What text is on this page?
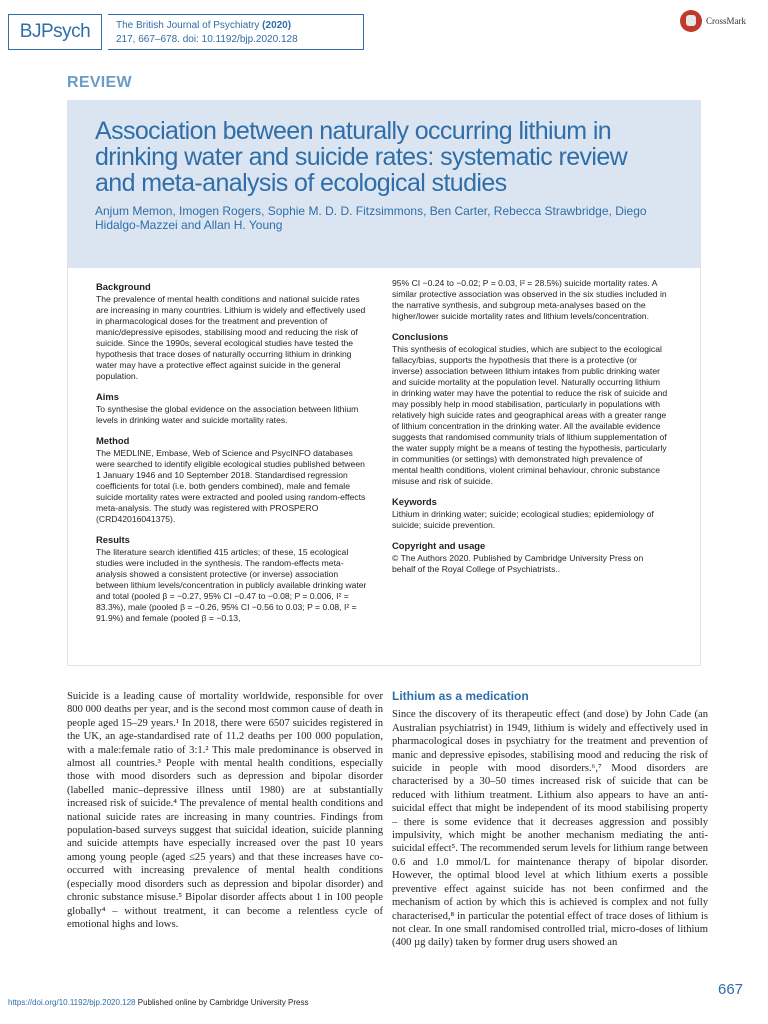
BJPsych	The British Journal of Psychiatry (2020)
217, 667–678. doi: 10.1192/bjp.2020.128
CrossMark
REVIEW
Association between naturally occurring lithium in drinking water and suicide rates: systematic review and meta-analysis of ecological studies
Anjum Memon, Imogen Rogers, Sophie M. D. D. Fitzsimmons, Ben Carter, Rebecca Strawbridge, Diego Hidalgo-Mazzei and Allan H. Young
Background
The prevalence of mental health conditions and national suicide rates are increasing in many countries. Lithium is widely and effectively used in pharmacological doses for the treatment and prevention of manic/depressive episodes, stabilising mood and reducing the risk of suicide. Since the 1990s, several ecological studies have tested the hypothesis that trace doses of naturally occurring lithium in drinking water may have a protective effect against suicide in the general population.
Aims
To synthesise the global evidence on the association between lithium levels in drinking water and suicide mortality rates.
Method
The MEDLINE, Embase, Web of Science and PsycINFO databases were searched to identify eligible ecological studies published between 1 January 1946 and 10 September 2018. Standardised regression coefficients for total (i.e. both genders combined), male and female suicide mortality rates were extracted and pooled using random-effects meta-analysis. The study was registered with PROSPERO (CRD42016041375).
Results
The literature search identified 415 articles; of these, 15 ecological studies were included in the synthesis. The random-effects meta-analysis showed a consistent protective (or inverse) association between lithium levels/concentration in publicly available drinking water and total (pooled β = −0.27, 95% CI −0.47 to −0.08; P = 0.006, I² = 83.3%), male (pooled β = −0.26, 95% CI −0.56 to 0.03; P = 0.08, I² = 91.9%) and female (pooled β = −0.13,
95% CI −0.24 to −0.02; P = 0.03, I² = 28.5%) suicide mortality rates. A similar protective association was observed in the six studies included in the narrative synthesis, and subgroup meta-analyses based on the higher/lower suicide mortality rates and lithium levels/concentration.
Conclusions
This synthesis of ecological studies, which are subject to the ecological fallacy/bias, supports the hypothesis that there is a protective (or inverse) association between lithium intakes from public drinking water and suicide mortality at the population level. Naturally occurring lithium in drinking water may have the potential to reduce the risk of suicide and may possibly help in mood stabilisation, particularly in populations with relatively high suicide rates and geographical areas with a greater range of lithium concentration in the drinking water. All the available evidence suggests that randomised community trials of lithium supplementation of the water supply might be a means of testing the hypothesis, particularly in communities (or settings) with demonstrated high prevalence of mental health conditions, violent criminal behaviour, chronic substance misuse and risk of suicide.
Keywords
Lithium in drinking water; suicide; ecological studies; epidemiology of suicide; suicide prevention.
Copyright and usage
© The Authors 2020. Published by Cambridge University Press on behalf of the Royal College of Psychiatrists..

Suicide is a leading cause of mortality worldwide, responsible for over 800 000 deaths per year, and is the second most common cause of death in people aged 15–29 years.¹ In 2018, there were 6507 suicides registered in the UK, an age-standardised rate of 11.2 deaths per 100 000 population, with a male:female ratio of 3:1.² This male predominance is observed in almost all countries.³ People with mental health conditions, especially those with mood disorders such as depression and bipolar disorder (labelled manic–depressive illness until 1980) are at substantially increased risk of suicide.⁴ The prevalence of mental health conditions and national suicide rates are increasing in many countries. Findings from population-based surveys suggest that suicidal ideation, suicide planning and suicide attempts have especially increased over the past 10 years among young people (aged ≤25 years) and that these increases have co-occurred with increasing prevalence of mental health conditions (especially mood disorders such as depression and bipolar disorder) and chronic substance misuse.⁵ Bipolar disorder affects about 1 in 100 people globally⁴ – without treatment, it can become a relentless cycle of emotional highs and lows.

Lithium as a medication

Since the discovery of its therapeutic effect (and dose) by John Cade (an Australian psychiatrist) in 1949, lithium is widely and effectively used in pharmacological doses in psychiatry for the treatment and prevention of manic and depressive episodes, stabilising mood and reducing the risk of suicide in people with mood disorders.⁶,⁷ Mood disorders are characterised by a 30–50 times increased risk of suicide that can be reduced with lithium treatment. Lithium also appears to have an anti-suicidal effect that might be independent of its mood stabilising property – there is some evidence that it decreases aggression and possibly impulsivity, which might be another mechanism mediating the anti-suicidal effect⁵. The recommended serum levels for lithium range between 0.6 and 1.0 mmol/L for maintenance therapy of bipolar disorder. However, the optimal blood level at which lithium exerts a possible preventive effect against suicide has not been confirmed and the mechanism of action by which this is achieved is complex and not fully characterised,⁸ in particular the potential effect of trace doses of lithium is not clear. In one small randomised controlled trial, micro-doses of lithium (400 µg daily) taken by former drug users showed an

https://doi.org/10.1192/bjp.2020.128 Published online by Cambridge University Press
667
